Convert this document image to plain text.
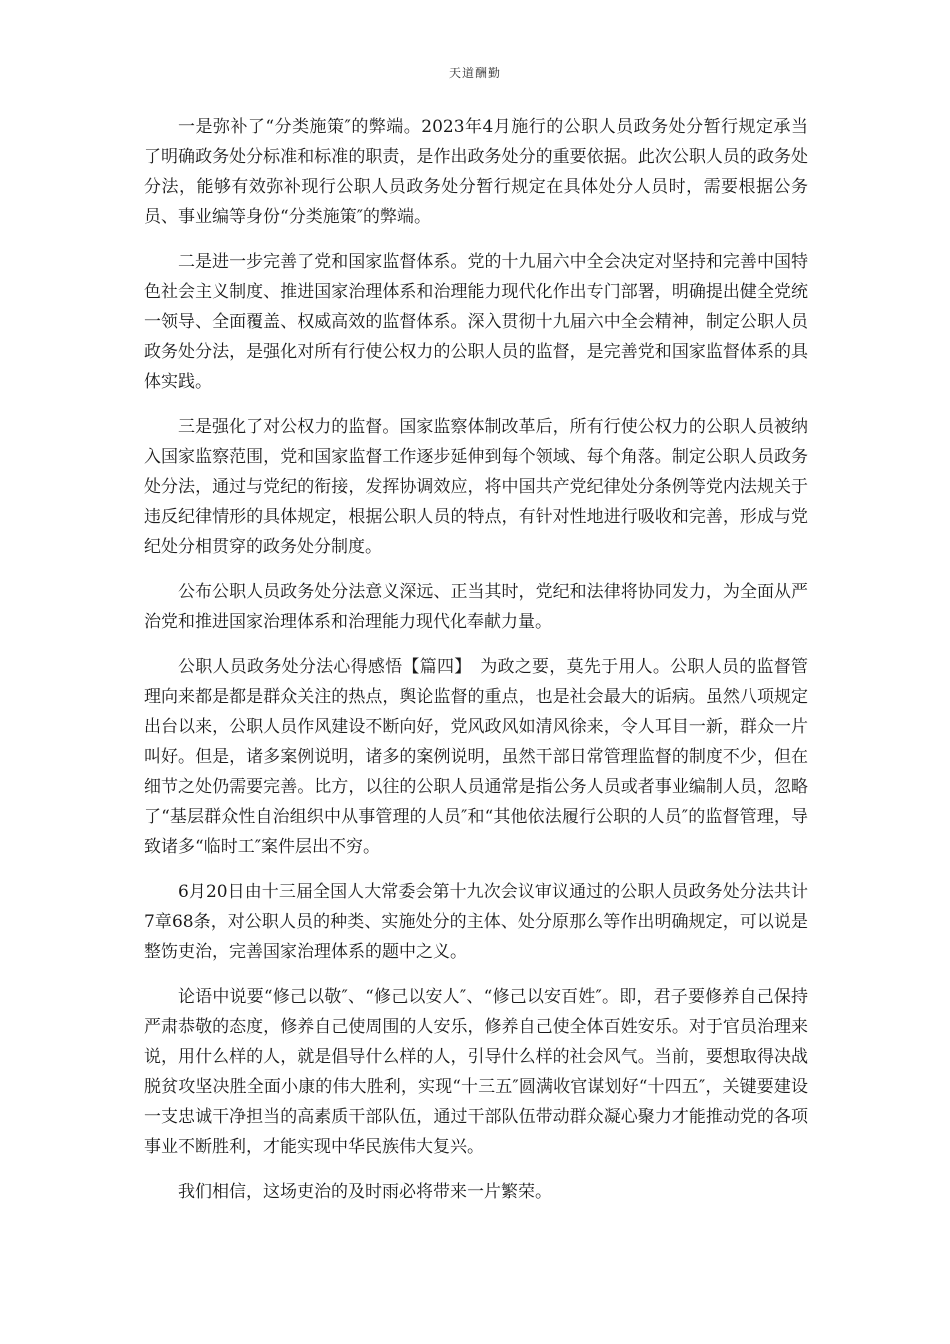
天道酬勤

一是弥补了“分类施策″的弊端。2023年4月施行的公职人员政务处分暂行规定承当了明确政务处分标准和标准的职责，是作出政务处分的重要依据。此次公职人员的政务处分法，能够有效弥补现行公职人员政务处分暂行规定在具体处分人员时，需要根据公务员、事业编等身份“分类施策″的弊端。

二是进一步完善了党和国家监督体系。党的十九届六中全会决定对坚持和完善中国特色社会主义制度、推进国家治理体系和治理能力现代化作出专门部署，明确提出健全党统一领导、全面覆盖、权威高效的监督体系。深入贯彻十九届六中全会精神，制定公职人员政务处分法，是强化对所有行使公权力的公职人员的监督，是完善党和国家监督体系的具体实践。

三是强化了对公权力的监督。国家监察体制改革后，所有行使公权力的公职人员被纳入国家监察范围，党和国家监督工作逐步延伸到每个领域、每个角落。制定公职人员政务处分法，通过与党纪的衔接，发挥协调效应，将中国共产党纪律处分条例等党内法规关于违反纪律情形的具体规定，根据公职人员的特点，有针对性地进行吸收和完善，形成与党纪处分相贯穿的政务处分制度。

公布公职人员政务处分法意义深远、正当其时，党纪和法律将协同发力，为全面从严治党和推进国家治理体系和治理能力现代化奉献力量。

公职人员政务处分法心得感悟【篇四】　为政之要，莫先于用人。公职人员的监督管理向来都是都是群众关注的热点，舆论监督的重点，也是社会最大的诟病。虽然八项规定出台以来，公职人员作风建设不断向好，党风政风如清风徐来，令人耳目一新，群众一片叫好。但是，诸多案例说明，诸多的案例说明，虽然干部日常管理监督的制度不少，但在细节之处仍需要完善。比方，以往的公职人员通常是指公务人员或者事业编制人员，忽略了“基层群众性自治组织中从事管理的人员″和“其他依法履行公职的人员″的监督管理，导致诸多“临时工″案件层出不穷。

6月20日由十三届全国人大常委会第十九次会议审议通过的公职人员政务处分法共计7章68条，对公职人员的种类、实施处分的主体、处分原那么等作出明确规定，可以说是整饬吏治，完善国家治理体系的题中之义。

论语中说要“修己以敬″、“修己以安人″、“修己以安百姓″。即，君子要修养自己保持严肃恭敬的态度，修养自己使周围的人安乐，修养自己使全体百姓安乐。对于官员治理来说，用什么样的人，就是倡导什么样的人，引导什么样的社会风气。当前，要想取得决战脱贫攻坚决胜全面小康的伟大胜利，实现“十三五″圆满收官谋划好“十四五″，关键要建设一支忠诚干净担当的高素质干部队伍，通过干部队伍带动群众凝心聚力才能推动党的各项事业不断胜利，才能实现中华民族伟大复兴。

我们相信，这场吏治的及时雨必将带来一片繁荣。
